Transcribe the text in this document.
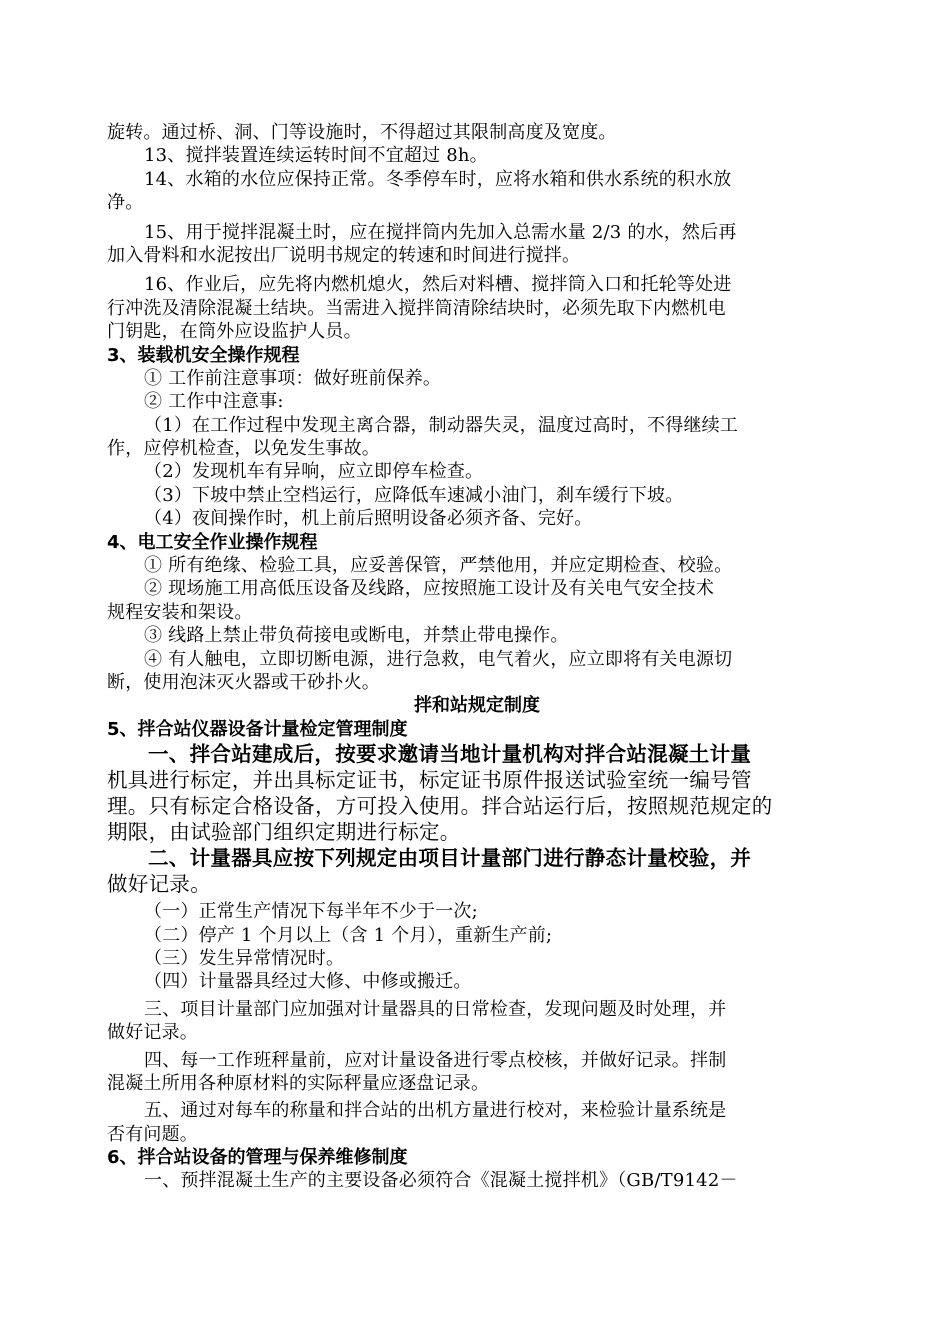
旋转。通过桥、洞、门等设施时，不得超过其限制高度及宽度。
13、搅拌装置连续运转时间不宜超过 8h。
14、水箱的水位应保持正常。冬季停车时，应将水箱和供水系统的积水放
净。
15、用于搅拌混凝土时，应在搅拌筒内先加入总需水量 2/3 的水，然后再
加入骨料和水泥按出厂说明书规定的转速和时间进行搅拌。
16、作业后，应先将内燃机熄火，然后对料槽、搅拌筒入口和托轮等处进
行冲洗及清除混凝土结块。当需进入搅拌筒清除结块时，必须先取下内燃机电
门钥匙，在筒外应设监护人员。
3、装载机安全操作规程
① 工作前注意事项：做好班前保养。
② 工作中注意事:
（1）在工作过程中发现主离合器，制动器失灵，温度过高时，不得继续工
作，应停机检查，以免发生事故。
（2）发现机车有异响，应立即停车检查。
（3）下坡中禁止空档运行，应降低车速减小油门，刹车缓行下坡。
（4）夜间操作时，机上前后照明设备必须齐备、完好。
4、电工安全作业操作规程
① 所有绝缘、检验工具，应妥善保管，严禁他用，并应定期检查、校验。
② 现场施工用高低压设备及线路，应按照施工设计及有关电气安全技术
规程安装和架设。
③ 线路上禁止带负荷接电或断电，并禁止带电操作。
④ 有人触电，立即切断电源，进行急救，电气着火，应立即将有关电源切
断，使用泡沫灭火器或干砂扑火。
拌和站规定制度
5、拌合站仪器设备计量检定管理制度
一、拌合站建成后，按要求邀请当地计量机构对拌合站混凝土计量
机具进行标定，并出具标定证书，标定证书原件报送试验室统一编号管
理。只有标定合格设备，方可投入使用。拌合站运行后，按照规范规定的
期限，由试验部门组织定期进行标定。
二、计量器具应按下列规定由项目计量部门进行静态计量校验，并
做好记录。
（一）正常生产情况下每半年不少于一次;
（二）停产 1 个月以上（含 1 个月），重新生产前;
（三）发生异常情况时。
（四）计量器具经过大修、中修或搬迁。
三、项目计量部门应加强对计量器具的日常检查，发现问题及时处理，并
做好记录。
四、每一工作班秤量前，应对计量设备进行零点校核，并做好记录。拌制
混凝土所用各种原材料的实际秤量应逐盘记录。
五、通过对每车的称量和拌合站的出机方量进行校对，来检验计量系统是
否有问题。
6、拌合站设备的管理与保养维修制度
一、预拌混凝土生产的主要设备必须符合《混凝土搅拌机》（GB/T9142－
